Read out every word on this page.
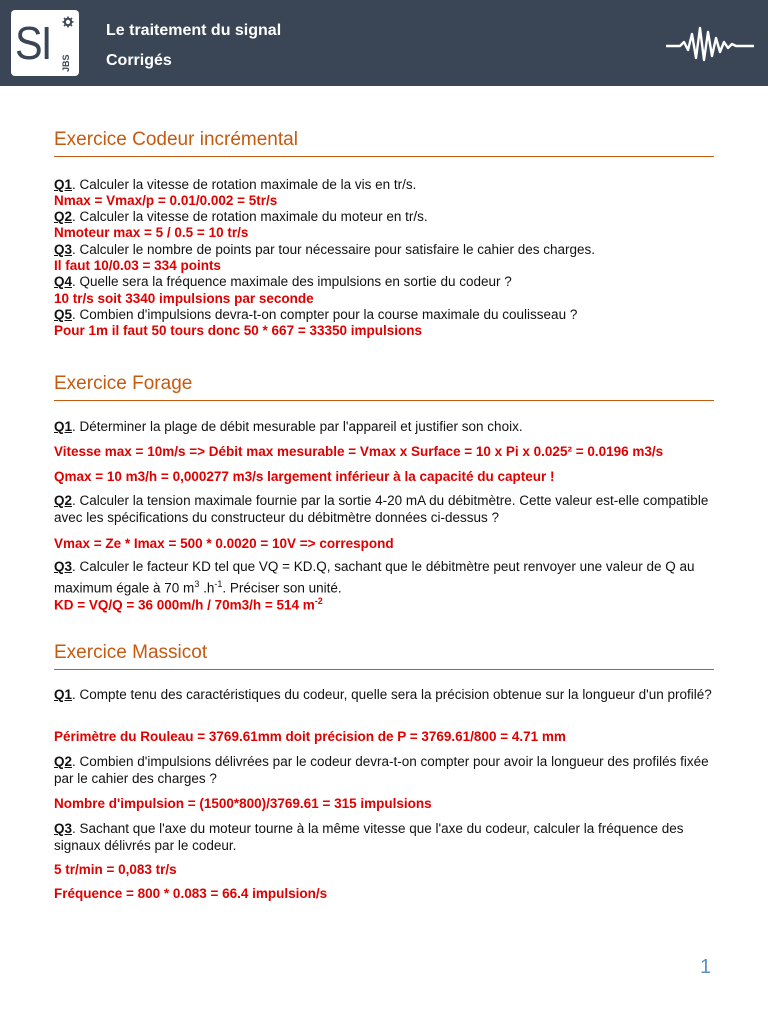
SI JBS
Le traitement du signal
Corrigés
Exercice Codeur incrémental
Q1. Calculer la vitesse de rotation maximale de la vis en tr/s.
Nmax = Vmax/p = 0.01/0.002 = 5tr/s
Q2. Calculer la vitesse de rotation maximale du moteur en tr/s.
Nmoteur max = 5 / 0.5 = 10 tr/s
Q3. Calculer le nombre de points par tour nécessaire pour satisfaire le cahier des charges.
Il faut 10/0.03 = 334 points
Q4. Quelle sera la fréquence maximale des impulsions en sortie du codeur ?
10 tr/s soit 3340 impulsions par seconde
Q5. Combien d'impulsions devra-t-on compter pour la course maximale du coulisseau ?
Pour 1m il faut 50 tours donc 50 * 667 = 33350 impulsions
Exercice Forage
Q1. Déterminer la plage de débit mesurable par l'appareil et justifier son choix.
Vitesse max = 10m/s => Débit max mesurable = Vmax x Surface = 10 x Pi x 0.025² = 0.0196 m3/s
Qmax = 10 m3/h = 0,000277 m3/s largement inférieur à la capacité du capteur !
Q2. Calculer la tension maximale fournie par la sortie 4-20 mA du débitmètre. Cette valeur est-elle compatible avec les spécifications du constructeur du débitmètre données ci-dessus ?
Vmax = Ze * Imax = 500 * 0.0020 = 10V => correspond
Q3. Calculer le facteur KD tel que VQ = KD.Q, sachant que le débitmètre peut renvoyer une valeur de Q au maximum égale à 70 $m^3$ $.h^{-1}$. Préciser son unité.
KD = VQ/Q = 36 000m/h / 70m3/h = 514 $m^{-2}$
Exercice Massicot
Q1. Compte tenu des caractéristiques du codeur, quelle sera la précision obtenue sur la longueur d'un profilé?
Périmètre du Rouleau = 3769.61mm doit précision de P = 3769.61/800 = 4.71 mm
Q2. Combien d'impulsions délivrées par le codeur devra-t-on compter pour avoir la longueur des profilés fixée par le cahier des charges ?
Nombre d'impulsion = (1500*800)/3769.61 = 315 impulsions
Q3. Sachant que l'axe du moteur tourne à la même vitesse que l'axe du codeur, calculer la fréquence des signaux délivrés par le codeur.
5 tr/min = 0,083 tr/s
Fréquence = 800 * 0.083 = 66.4 impulsion/s
1
